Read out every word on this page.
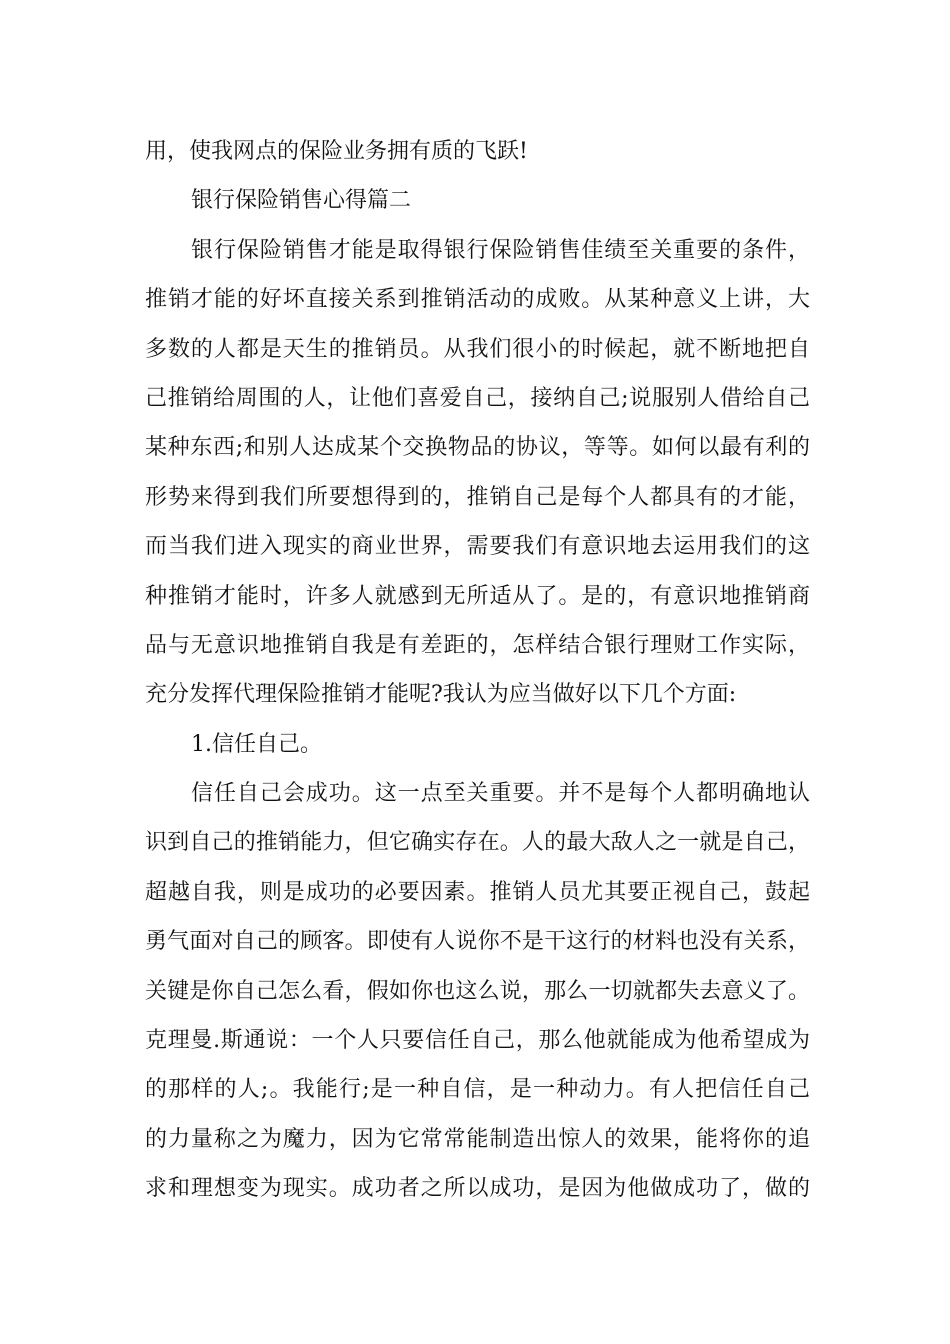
用，使我网点的保险业务拥有质的飞跃!
银行保险销售心得篇二
银行保险销售才能是取得银行保险销售佳绩至关重要的条件，
推销才能的好坏直接关系到推销活动的成败。从某种意义上讲，大
多数的人都是天生的推销员。从我们很小的时候起，就不断地把自
己推销给周围的人，让他们喜爱自己，接纳自己;说服别人借给自己
某种东西;和别人达成某个交换物品的协议，等等。如何以最有利的
形势来得到我们所要想得到的，推销自己是每个人都具有的才能，
而当我们进入现实的商业世界，需要我们有意识地去运用我们的这
种推销才能时，许多人就感到无所适从了。是的，有意识地推销商
品与无意识地推销自我是有差距的，怎样结合银行理财工作实际，
充分发挥代理保险推销才能呢?我认为应当做好以下几个方面:
1.信任自己。
信任自己会成功。这一点至关重要。并不是每个人都明确地认
识到自己的推销能力，但它确实存在。人的最大敌人之一就是自己，
超越自我，则是成功的必要因素。推销人员尤其要正视自己，鼓起
勇气面对自己的顾客。即使有人说你不是干这行的材料也没有关系，
关键是你自己怎么看，假如你也这么说，那么一切就都失去意义了。
克理曼.斯通说：一个人只要信任自己，那么他就能成为他希望成为
的那样的人;。我能行;是一种自信，是一种动力。有人把信任自己
的力量称之为魔力，因为它常常能制造出惊人的效果，能将你的追
求和理想变为现实。成功者之所以成功，是因为他做成功了，做的
